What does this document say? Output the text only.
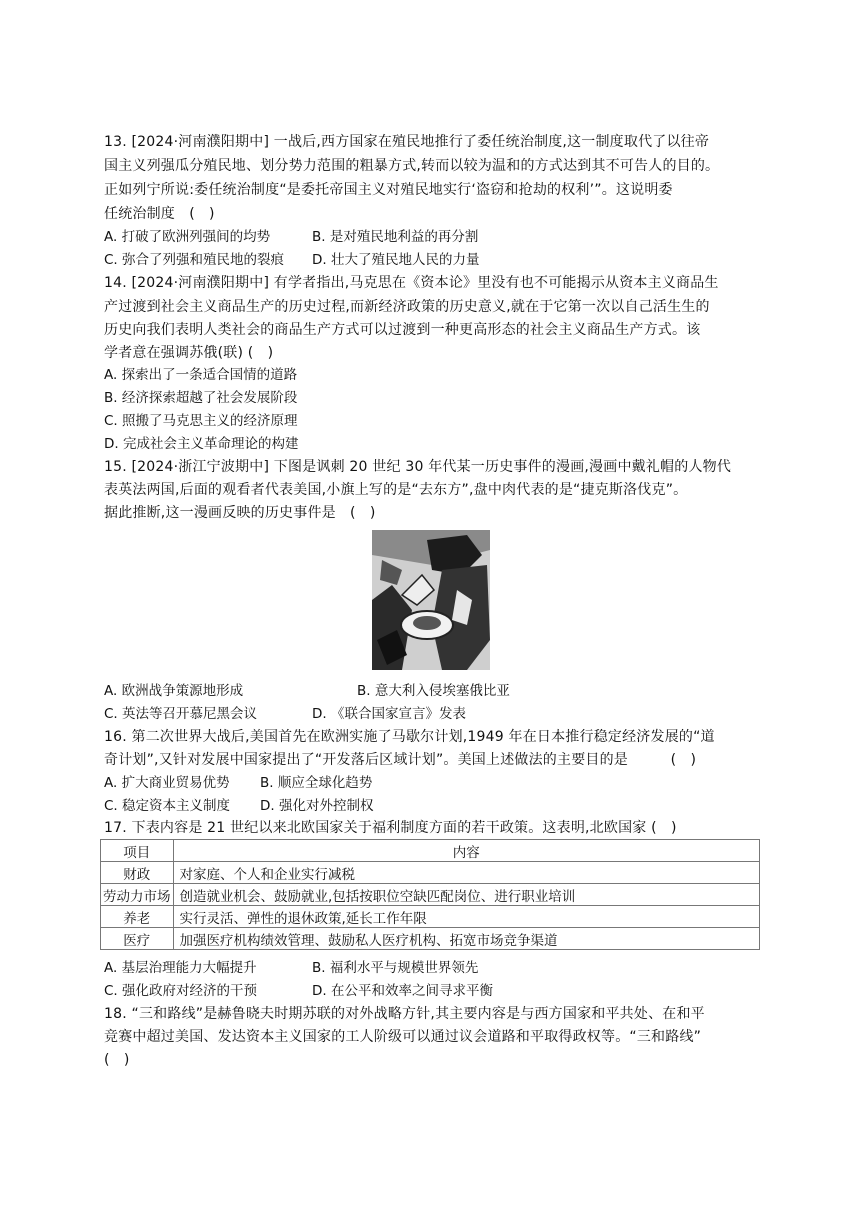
13. [2024·河南濮阳期中] 一战后,西方国家在殖民地推行了委任统治制度,这一制度取代了以往帝
国主义列强瓜分殖民地、划分势力范围的粗暴方式,转而以较为温和的方式达到其不可告人的目的。
正如列宁所说:委任统治制度“是委托帝国主义对殖民地实行‘盗窃和抢劫的权利’”。这说明委
任统治制度　(　)
A. 打破了欧洲列强间的均势	B. 是对殖民地利益的再分割
C. 弥合了列强和殖民地的裂痕 D. 壮大了殖民地人民的力量
14. [2024·河南濮阳期中] 有学者指出,马克思在《资本论》里没有也不可能揭示从资本主义商品生
产过渡到社会主义商品生产的历史过程,而新经济政策的历史意义,就在于它第一次以自己活生生的
历史向我们表明人类社会的商品生产方式可以过渡到一种更高形态的社会主义商品生产方式。该
学者意在强调苏俄(联) (　)
A. 探索出了一条适合国情的道路
B. 经济探索超越了社会发展阶段
C. 照搬了马克思主义的经济原理
D. 完成社会主义革命理论的构建
15. [2024·浙江宁波期中] 下图是讽刺 20 世纪 30 年代某一历史事件的漫画,漫画中戴礼帽的人物代
表英法两国,后面的观看者代表美国,小旗上写的是“去东方”,盘中肉代表的是“捷克斯洛伐克”。
据此推断,这一漫画反映的历史事件是　(　)
A. 欧洲战争策源地形成	B. 意大利入侵埃塞俄比亚
C. 英法等召开慕尼黑会议	D. 《联合国家宣言》发表
16. 第二次世界大战后,美国首先在欧洲实施了马歇尔计划,1949 年在日本推行稳定经济发展的“道
奇计划”,又针对发展中国家提出了“开发落后区域计划”。美国上述做法的主要目的是　　　(　)
A. 扩大商业贸易优势 B. 顺应全球化趋势
C. 稳定资本主义制度 D. 强化对外控制权
17. 下表内容是 21 世纪以来北欧国家关于福利制度方面的若干政策。这表明,北欧国家 (　)
项目	内容
财政	对家庭、个人和企业实行减税
劳动力市场	创造就业机会、鼓励就业,包括按职位空缺匹配岗位、进行职业培训
养老	实行灵活、弹性的退休政策,延长工作年限
医疗	加强医疗机构绩效管理、鼓励私人医疗机构、拓宽市场竞争渠道
A. 基层治理能力大幅提升	B. 福利水平与规模世界领先
C. 强化政府对经济的干预	D. 在公平和效率之间寻求平衡
18. “三和路线”是赫鲁晓夫时期苏联的对外战略方针,其主要内容是与西方国家和平共处、在和平
竞赛中超过美国、发达资本主义国家的工人阶级可以通过议会道路和平取得政权等。“三和路线”
(　)
